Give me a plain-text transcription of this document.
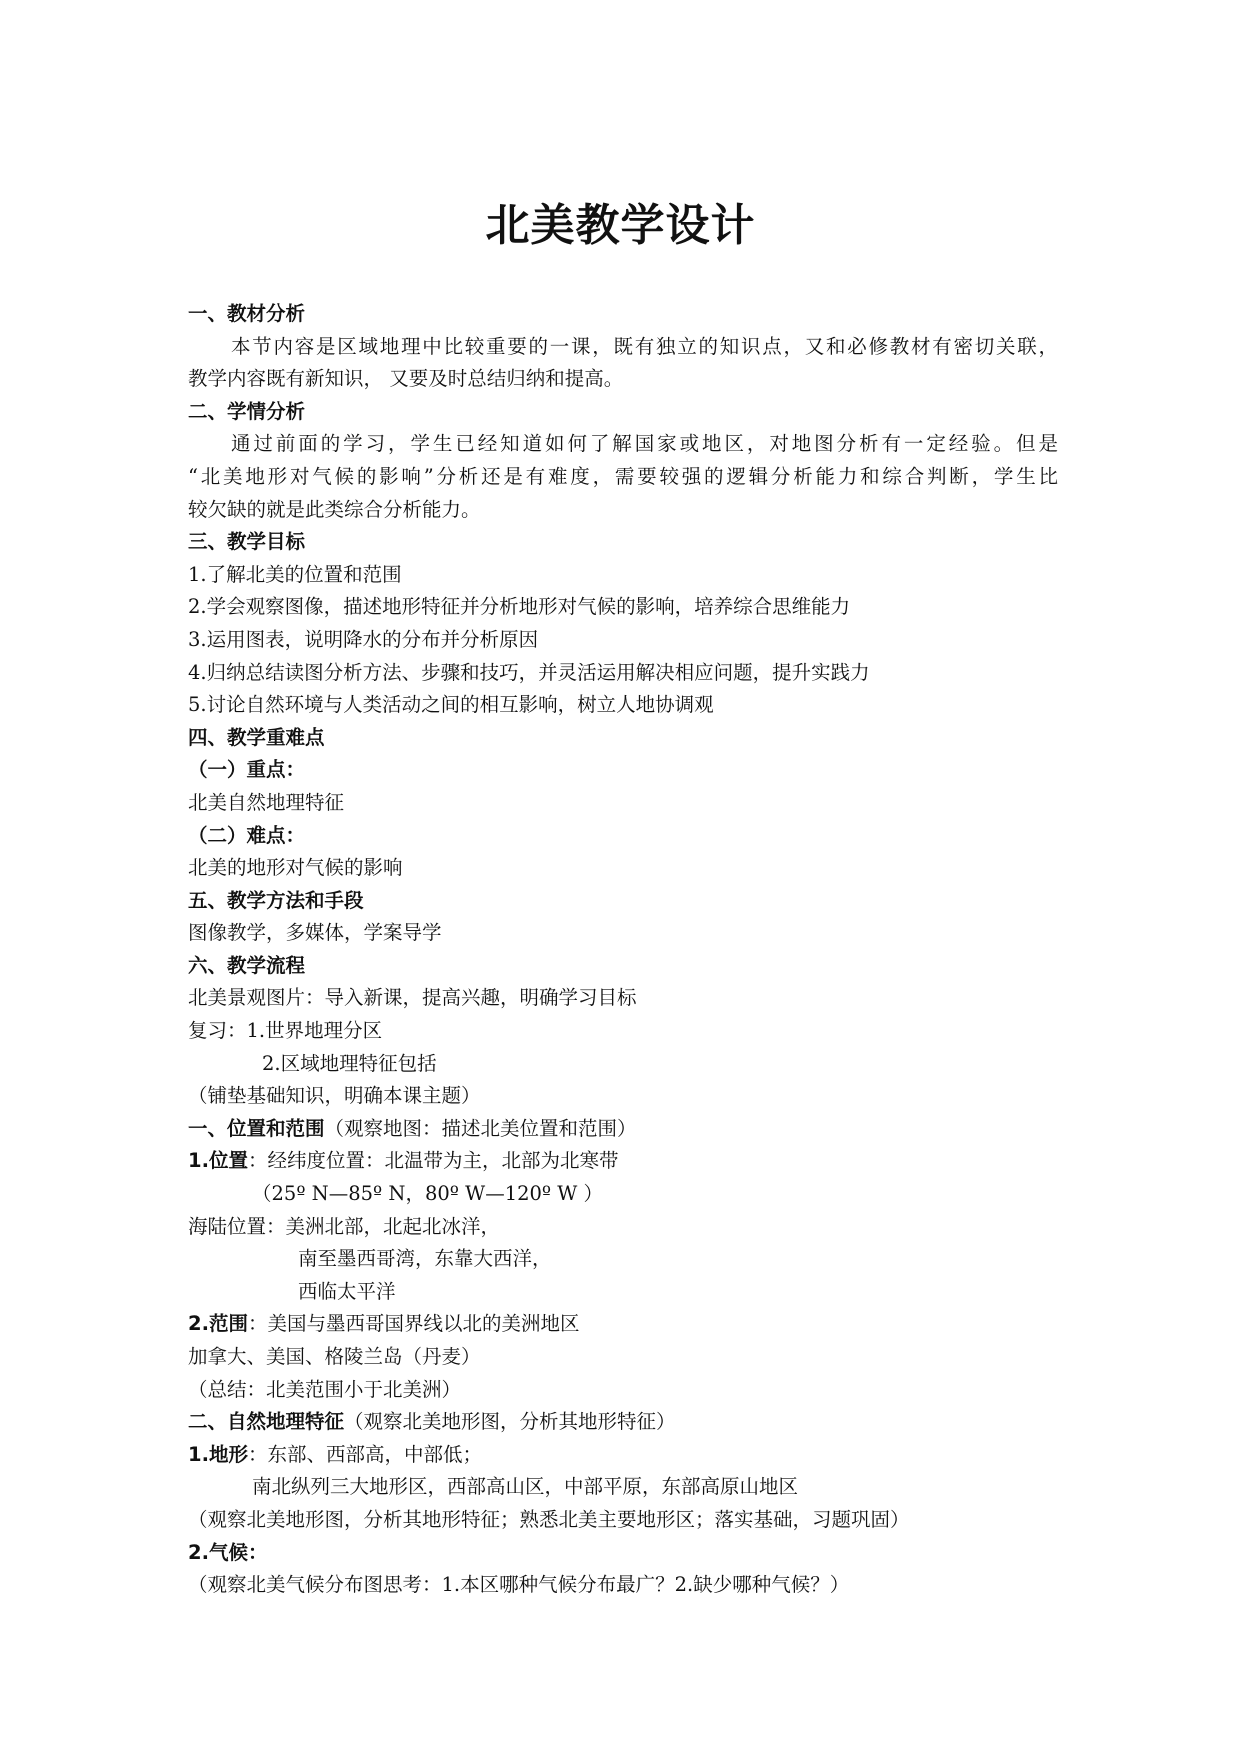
北美教学设计
一、教材分析
本节内容是区域地理中比较重要的一课，既有独立的知识点，又和必修教材有密切关联，
教学内容既有新知识， 又要及时总结归纳和提高。
二、学情分析
通过前面的学习，学生已经知道如何了解国家或地区，对地图分析有一定经验。但是
“北美地形对气候的影响”分析还是有难度，需要较强的逻辑分析能力和综合判断，学生比
较欠缺的就是此类综合分析能力。
三、教学目标
1.了解北美的位置和范围
2.学会观察图像，描述地形特征并分析地形对气候的影响，培养综合思维能力
3.运用图表，说明降水的分布并分析原因
4.归纳总结读图分析方法、步骤和技巧，并灵活运用解决相应问题，提升实践力
5.讨论自然环境与人类活动之间的相互影响，树立人地协调观
四、教学重难点
（一）重点：
北美自然地理特征
（二）难点：
北美的地形对气候的影响
五、教学方法和手段
图像教学，多媒体，学案导学
六、教学流程
北美景观图片：导入新课，提高兴趣，明确学习目标
复习：1.世界地理分区
2.区域地理特征包括
（铺垫基础知识，明确本课主题）
一、位置和范围（观察地图：描述北美位置和范围）
1.位置：经纬度位置：北温带为主，北部为北寒带
（25º N—85º N，80º W—120º W ）
海陆位置：美洲北部，北起北冰洋，
南至墨西哥湾，东靠大西洋，
西临太平洋
2.范围：美国与墨西哥国界线以北的美洲地区
加拿大、美国、格陵兰岛（丹麦）
（总结：北美范围小于北美洲）
二、自然地理特征（观察北美地形图，分析其地形特征）
1.地形：东部、西部高，中部低；
南北纵列三大地形区，西部高山区，中部平原，东部高原山地区
（观察北美地形图，分析其地形特征；熟悉北美主要地形区；落实基础，习题巩固）
2.气候：
（观察北美气候分布图思考：1.本区哪种气候分布最广？2.缺少哪种气候？）
